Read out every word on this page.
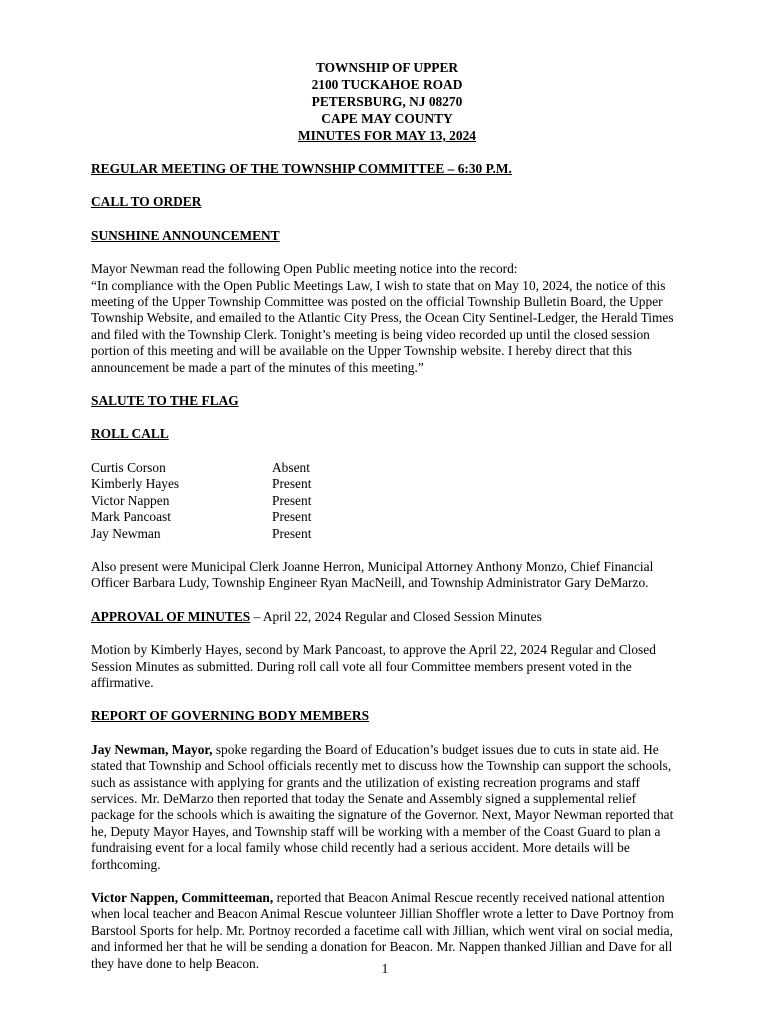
TOWNSHIP OF UPPER
2100 TUCKAHOE ROAD
PETERSBURG, NJ 08270
CAPE MAY COUNTY
MINUTES FOR MAY 13, 2024

REGULAR MEETING OF THE TOWNSHIP COMMITTEE – 6:30 P.M.

CALL TO ORDER

SUNSHINE ANNOUNCEMENT

Mayor Newman read the following Open Public meeting notice into the record:

“In compliance with the Open Public Meetings Law, I wish to state that on May 10, 2024, the notice of this meeting of the Upper Township Committee was posted on the official Township Bulletin Board, the Upper Township Website, and emailed to the Atlantic City Press, the Ocean City Sentinel-Ledger, the Herald Times and filed with the Township Clerk. Tonight’s meeting is being video recorded up until the closed session portion of this meeting and will be available on the Upper Township website. I hereby direct that this announcement be made a part of the minutes of this meeting.”

SALUTE TO THE FLAG

ROLL CALL

Curtis Corson	Absent
Kimberly Hayes	Present
Victor Nappen	Present
Mark Pancoast	Present
Jay Newman	Present

Also present were Municipal Clerk Joanne Herron, Municipal Attorney Anthony Monzo, Chief Financial Officer Barbara Ludy, Township Engineer Ryan MacNeill, and Township Administrator Gary DeMarzo.

APPROVAL OF MINUTES – April 22, 2024 Regular and Closed Session Minutes

Motion by Kimberly Hayes, second by Mark Pancoast, to approve the April 22, 2024 Regular and Closed Session Minutes as submitted. During roll call vote all four Committee members present voted in the affirmative.

REPORT OF GOVERNING BODY MEMBERS

Jay Newman, Mayor, spoke regarding the Board of Education’s budget issues due to cuts in state aid. He stated that Township and School officials recently met to discuss how the Township can support the schools, such as assistance with applying for grants and the utilization of existing recreation programs and staff services. Mr. DeMarzo then reported that today the Senate and Assembly signed a supplemental relief package for the schools which is awaiting the signature of the Governor. Next, Mayor Newman reported that he, Deputy Mayor Hayes, and Township staff will be working with a member of the Coast Guard to plan a fundraising event for a local family whose child recently had a serious accident. More details will be forthcoming.

Victor Nappen, Committeeman, reported that Beacon Animal Rescue recently received national attention when local teacher and Beacon Animal Rescue volunteer Jillian Shoffler wrote a letter to Dave Portnoy from Barstool Sports for help. Mr. Portnoy recorded a facetime call with Jillian, which went viral on social media, and informed her that he will be sending a donation for Beacon. Mr. Nappen thanked Jillian and Dave for all they have done to help Beacon.	1
